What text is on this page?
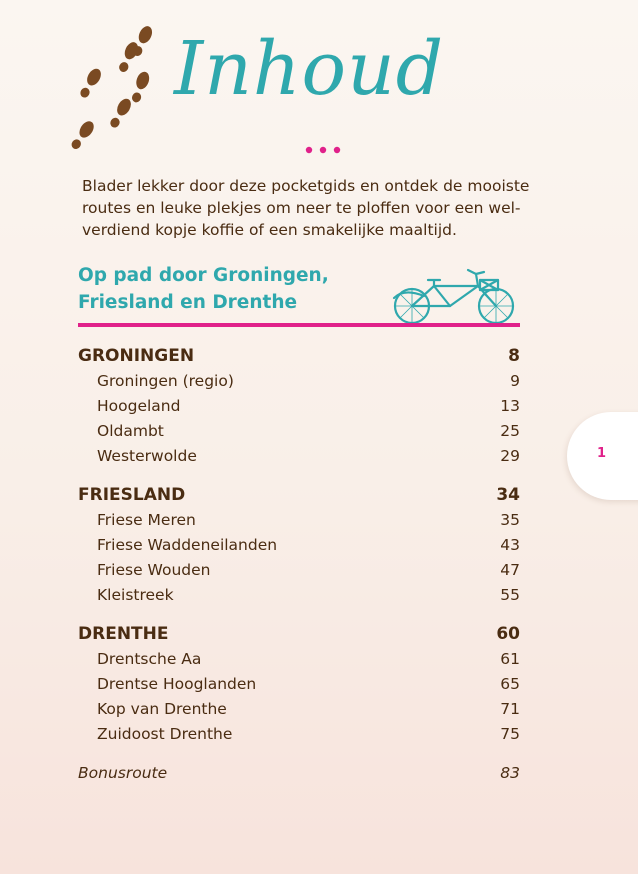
Inhoud
Blader lekker door deze pocketgids en ontdek de mooiste routes en leuke plekjes om neer te ploffen voor een wel-verdiend kopje koffie of een smakelijke maaltijd.
Op pad door Groningen,
Friesland en Drenthe
GRONINGEN	8
Groningen (regio)	9
Hoogeland	13
Oldambt	25
Westerwolde	29
FRIESLAND	34
Friese Meren	35
Friese Waddeneilanden	43
Friese Wouden	47
Kleistreek	55
DRENTHE	60
Drentsche Aa	61
Drentse Hooglanden	65
Kop van Drenthe	71
Zuidoost Drenthe	75
Bonusroute	83
1
